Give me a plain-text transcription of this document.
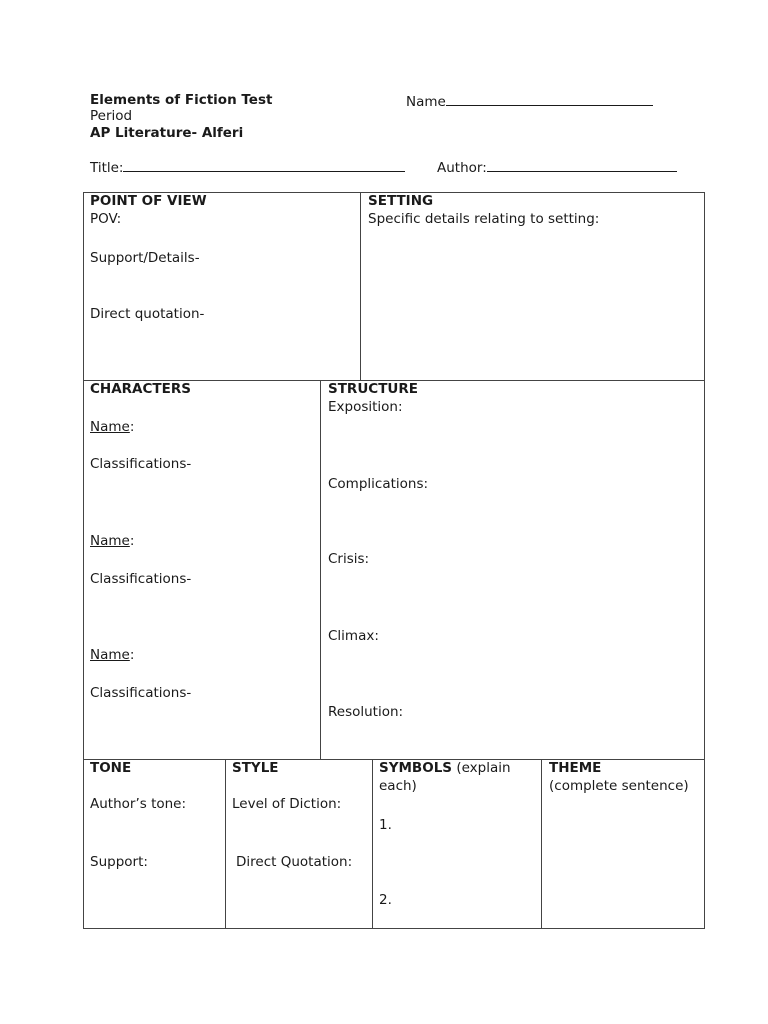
Elements of Fiction Test	Name
Period
AP Literature- Alferi
Title:	Author:
POINT OF VIEW
POV:
Support/Details-
Direct quotation-
SETTING
Specific details relating to setting:
CHARACTERS
Name:
Classifications-
Name:
Classifications-
Name:
Classifications-
STRUCTURE
Exposition:
Complications:
Crisis:
Climax:
Resolution:
TONE
Author’s tone:
Support:
STYLE
Level of Diction:
Direct Quotation:
SYMBOLS (explain
each)
1.
2.
THEME
(complete sentence)
